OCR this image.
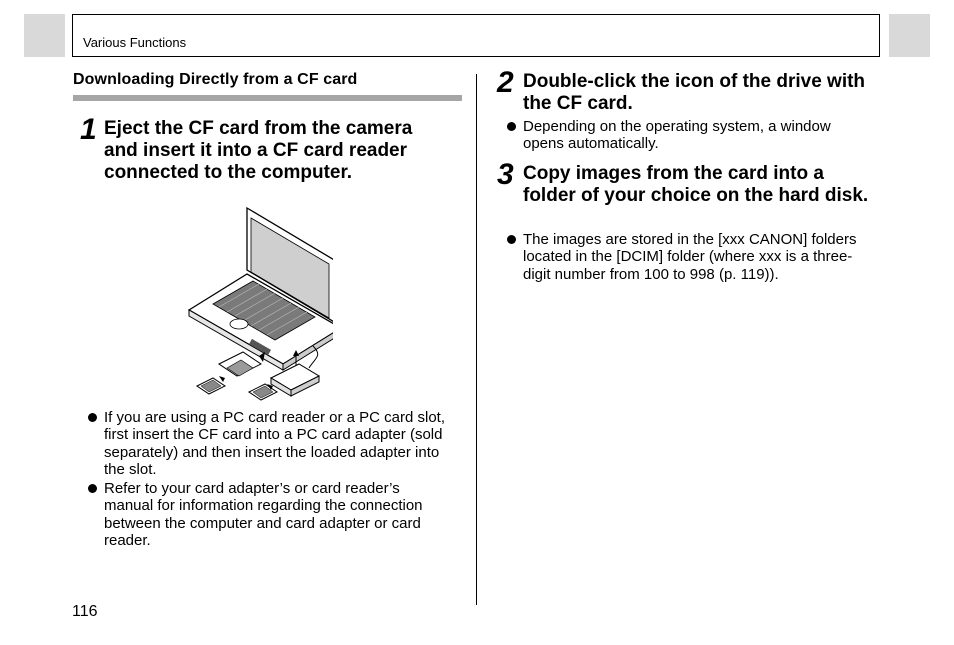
Various Functions
Downloading Directly from a CF card
1 Eject the CF card from the camera and insert it into a CF card reader connected to the computer.
If you are using a PC card reader or a PC card slot, first insert the CF card into a PC card adapter (sold separately) and then insert the loaded adapter into the slot.
Refer to your card adapter’s or card reader’s manual for information regarding the connection between the computer and card adapter or card reader.
2 Double-click the icon of the drive with the CF card.
Depending on the operating system, a window opens automatically.
3 Copy images from the card into a folder of your choice on the hard disk.
The images are stored in the [xxx CANON] folders located in the [DCIM] folder (where xxx is a three-digit number from 100 to 998 (p. 119)).
116
